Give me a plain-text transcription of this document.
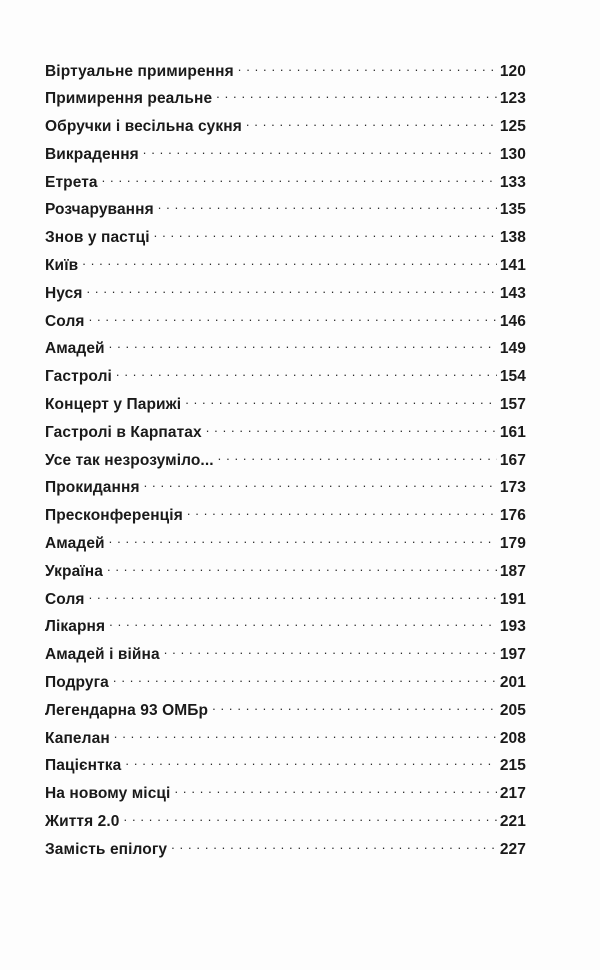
Віртуальне примирення . . .	120
Примирення реальне . . .	123
Обручки і весільна сукня . . .	125
Викрадення . . .	130
Етрета . . .	133
Розчарування . . .	135
Знов у пастці . . .	138
Київ . . .	141
Нуся . . .	143
Соля . . .	146
Амадей . . .	149
Гастролі . . .	154
Концерт у Парижі . . .	157
Гастролі в Карпатах . . .	161
Усе так незрозуміло... . . .	167
Прокидання . . .	173
Пресконференція . . .	176
Амадей . . .	179
Україна . . .	187
Соля . . .	191
Лікарня . . .	193
Амадей і війна . . .	197
Подруга . . .	201
Легендарна 93 ОМБр . . .	205
Капелан . . .	208
Пацієнтка . . .	215
На новому місці . . .	217
Життя 2.0 . . .	221
Замість епілогу . . .	227
